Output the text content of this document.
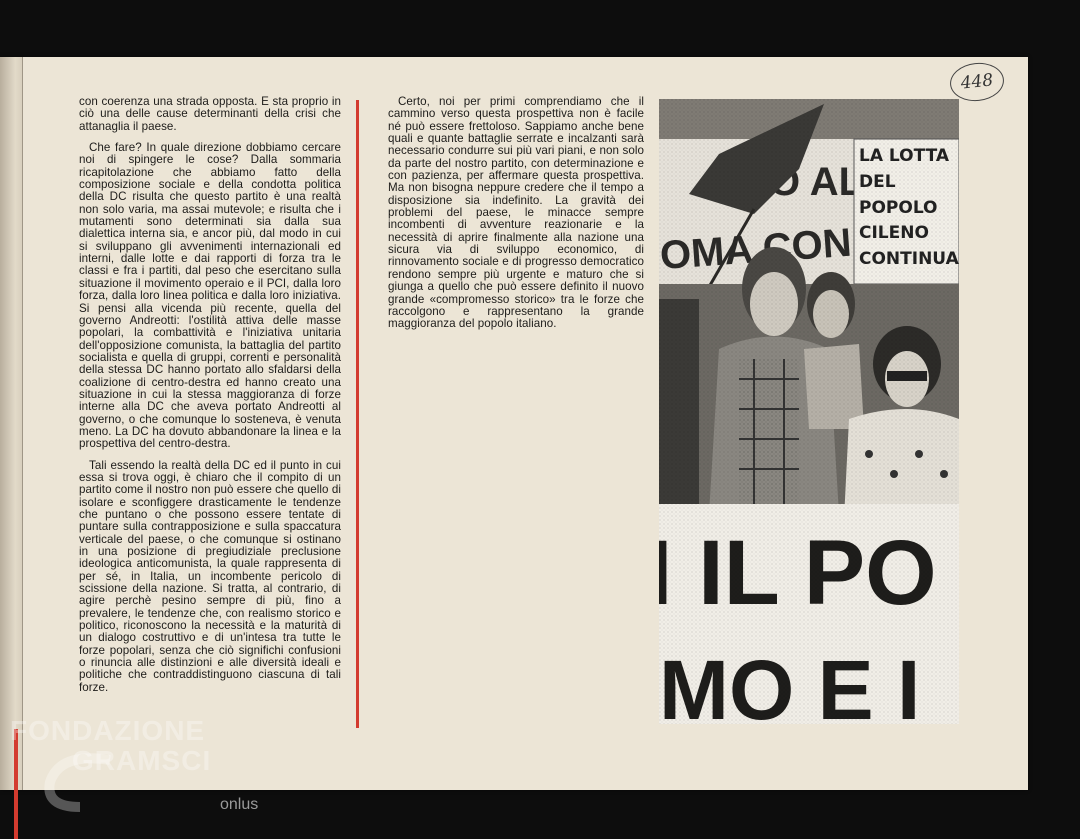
448

con coerenza una strada opposta. E sta proprio in ciò una delle cause determinanti della crisi che attanaglia il paese.

Che fare? In quale direzione dobbiamo cercare noi di spingere le cose? Dalla sommaria ricapitolazione che abbiamo fatto della composizione sociale e della condotta politica della DC risulta che questo partito è una realtà non solo varia, ma assai mutevole; e risulta che i mutamenti sono determinati sia dalla sua dialettica interna sia, e ancor più, dal modo in cui si sviluppano gli avvenimenti internazionali ed interni, dalle lotte e dai rapporti di forza tra le classi e fra i partiti, dal peso che esercitano sulla situazione il movimento operaio e il PCI, dalla loro forza, dalla loro linea politica e dalla loro iniziativa. Si pensi alla vicenda più recente, quella del governo Andreotti: l'ostilità attiva delle masse popolari, la combattività e l'iniziativa unitaria dell'opposizione comunista, la battaglia del partito socialista e quella di gruppi, correnti e personalità della stessa DC hanno portato allo sfaldarsi della coalizione di centro-destra ed hanno creato una situazione in cui la stessa maggioranza di forze interne alla DC che aveva portato Andreotti al governo, o che comunque lo sosteneva, è venuta meno. La DC ha dovuto abbandonare la linea e la prospettiva del centro-destra.

Tali essendo la realtà della DC ed il punto in cui essa si trova oggi, è chiaro che il compito di un partito come il nostro non può essere che quello di isolare e sconfiggere drasticamente le tendenze che puntano o che possono essere tentate di puntare sulla contrapposizione e sulla spaccatura verticale del paese, o che comunque si ostinano in una posizione di pregiudiziale preclusione ideologica anticomunista, la quale rappresenta di per sé, in Italia, un incombente pericolo di scissione della nazione. Si tratta, al contrario, di agire perchè pesino sempre di più, fino a prevalere, le tendenze che, con realismo storico e politico, riconoscono la necessità e la maturità di un dialogo costruttivo e di un'intesa tra tutte le forze popolari, senza che ciò significhi confusioni o rinuncia alle distinzioni e alle diversità ideali e politiche che contraddistinguono ciascuna di tali forze.

Certo, noi per primi comprendiamo che il cammino verso questa prospettiva non è facile né può essere frettoloso. Sappiamo anche bene quali e quante battaglie serrate e incalzanti sarà necessario condurre sui più vari piani, e non solo da parte del nostro partito, con determinazione e con pazienza, per affermare questa prospettiva. Ma non bisogna neppure credere che il tempo a disposizione sia indefinito. La gravità dei problemi del paese, le minacce sempre incombenti di avventure reazionarie e la necessità di aprire finalmente alla nazione una sicura via di sviluppo economico, di rinnovamento sociale e di progresso democratico rendono sempre più urgente e maturo che si giunga a quello che può essere definito il nuovo grande «compromesso storico» tra le forze che raccolgono e rappresentano la grande maggioranza del popolo italiano.

FONDAZIONE
GRAMSCI
onlus
